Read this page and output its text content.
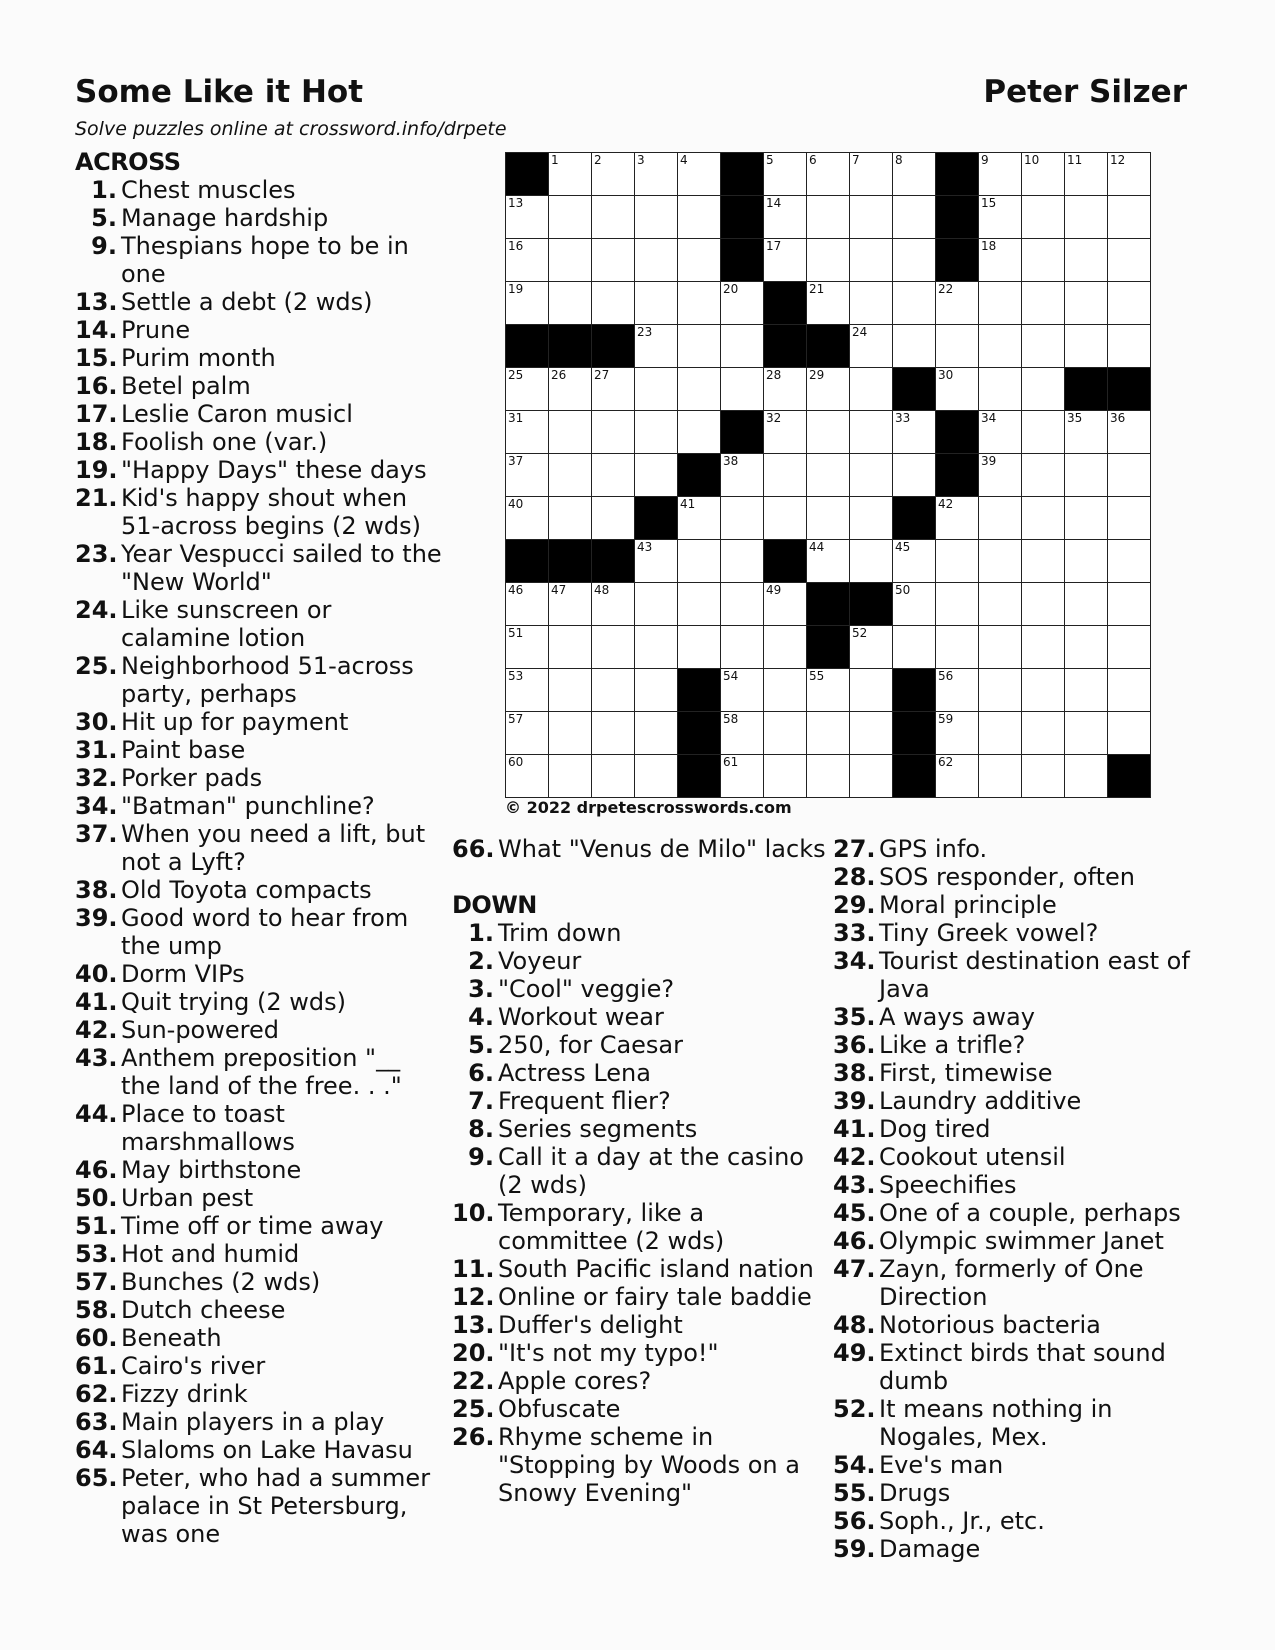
Some Like it Hot	Peter Silzer
Solve puzzles online at crossword.info/drpete
ACROSS
1. Chest muscles
5. Manage hardship
9. Thespians hope to be in one
13. Settle a debt (2 wds)
14. Prune
15. Purim month
16. Betel palm
17. Leslie Caron musicl
18. Foolish one (var.)
19. "Happy Days" these days
21. Kid's happy shout when 51-across begins (2 wds)
23. Year Vespucci sailed to the "New World"
24. Like sunscreen or calamine lotion
25. Neighborhood 51-across party, perhaps
30. Hit up for payment
31. Paint base
32. Porker pads
34. "Batman" punchline?
37. When you need a lift, but not a Lyft?
38. Old Toyota compacts
39. Good word to hear from the ump
40. Dorm VIPs
41. Quit trying (2 wds)
42. Sun-powered
43. Anthem preposition "__ the land of the free. . ."
44. Place to toast marshmallows
46. May birthstone
50. Urban pest
51. Time off or time away
53. Hot and humid
57. Bunches (2 wds)
58. Dutch cheese
60. Beneath
61. Cairo's river
62. Fizzy drink
63. Main players in a play
64. Slaloms on Lake Havasu
65. Peter, who had a summer palace in St Petersburg, was one
1	2	3	4	5	6	7	8	9	10 11 12
13	14	15
16	17	18
19	20	21	22
23	24
25 26 27	28 29	30
31	32	33	34	35 36
37	38	39
40	41	42
43	44	45
46 47 48	49	50
51	52
53	54	55	56
57	58	59
60	61	62
© 2022 drpetescrosswords.com
66. What "Venus de Milo" lacks
DOWN
1. Trim down
2. Voyeur
3. "Cool" veggie?
4. Workout wear
5. 250, for Caesar
6. Actress Lena
7. Frequent flier?
8. Series segments
9. Call it a day at the casino (2 wds)
10. Temporary, like a committee (2 wds)
11. South Pacific island nation
12. Online or fairy tale baddie
13. Duffer's delight
20. "It's not my typo!"
22. Apple cores?
25. Obfuscate
26. Rhyme scheme in "Stopping by Woods on a Snowy Evening"
27. GPS info.
28. SOS responder, often
29. Moral principle
33. Tiny Greek vowel?
34. Tourist destination east of Java
35. A ways away
36. Like a trifle?
38. First, timewise
39. Laundry additive
41. Dog tired
42. Cookout utensil
43. Speechifies
45. One of a couple, perhaps
46. Olympic swimmer Janet
47. Zayn, formerly of One Direction
48. Notorious bacteria
49. Extinct birds that sound dumb
52. It means nothing in Nogales, Mex.
54. Eve's man
55. Drugs
56. Soph., Jr., etc.
59. Damage
